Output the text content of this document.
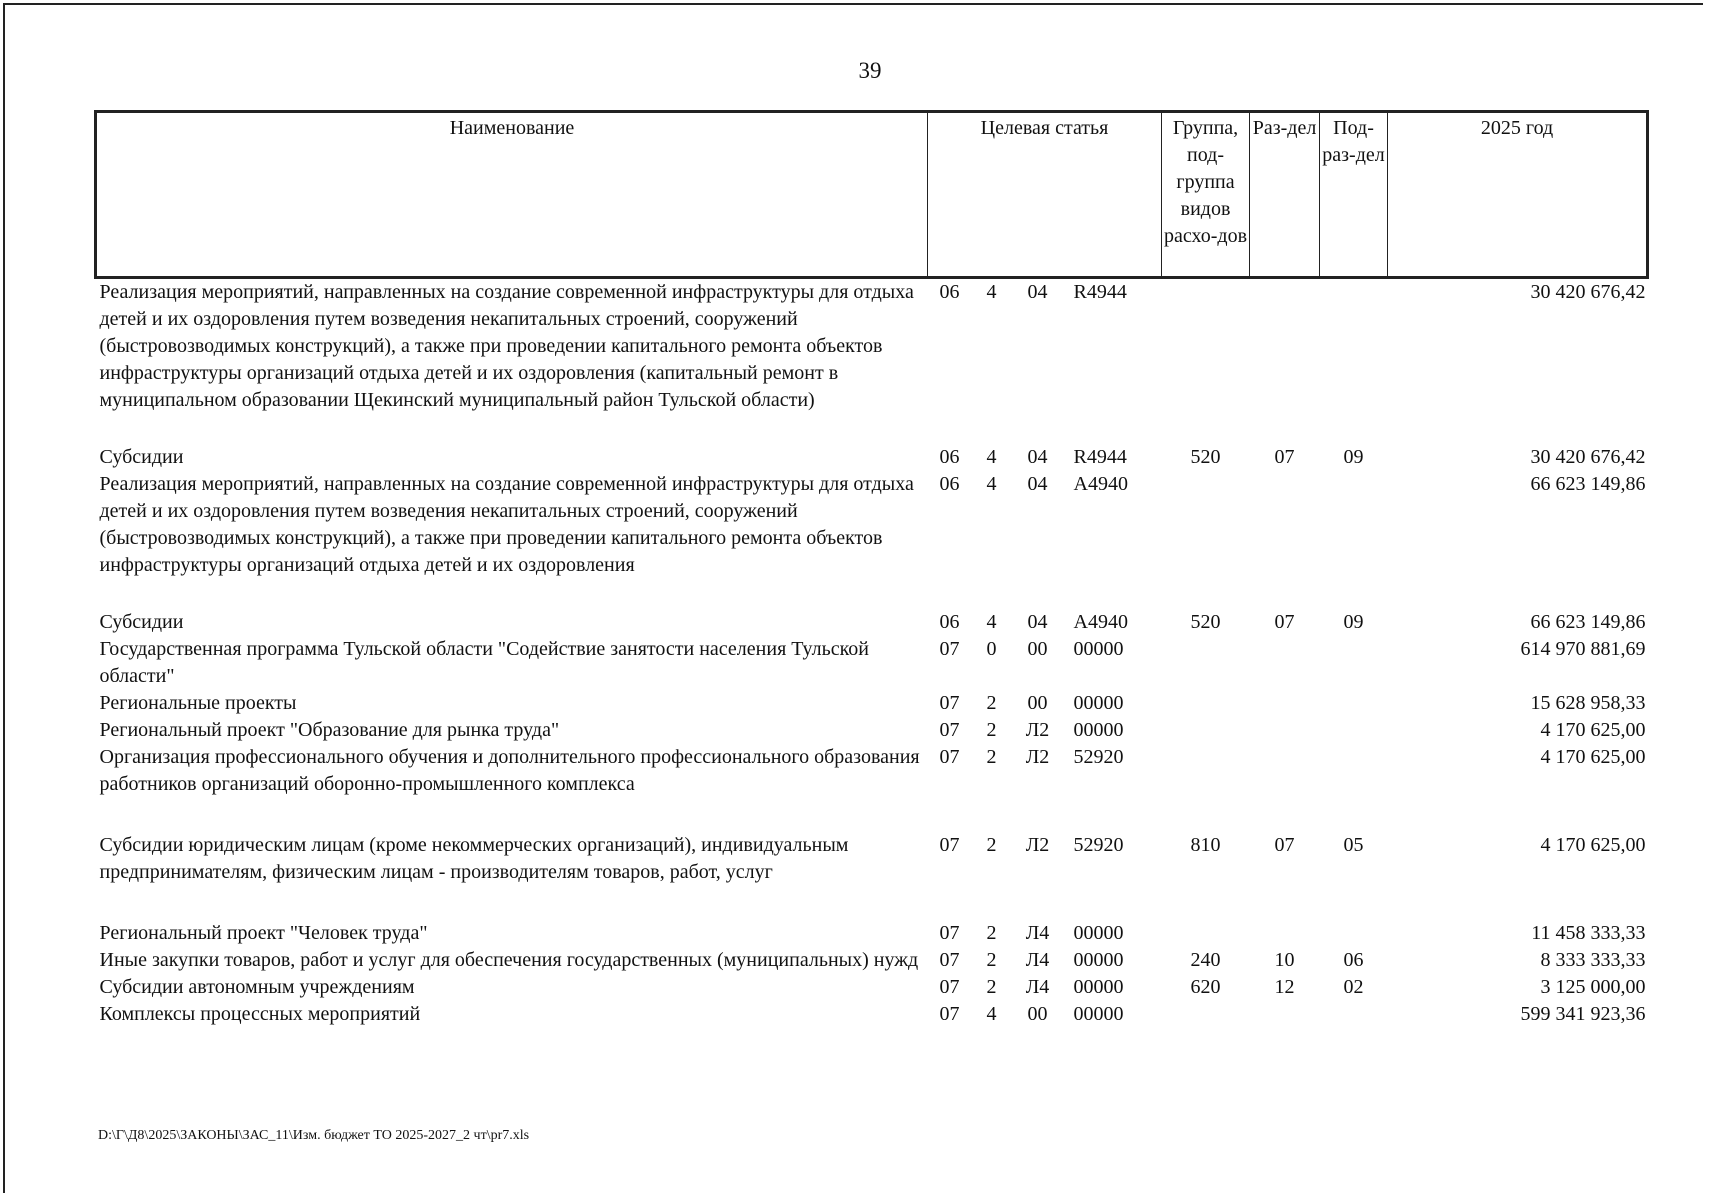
39
Наименование	Целевая статья				Группа, под-группа видов расхо-дов	Раз-дел	Под-раз-дел	2025 год
Реализация мероприятий, направленных на создание современной инфраструктуры для отдыха детей и их оздоровления путем возведения некапитальных строений, сооружений (быстровозводимых конструкций), а также при проведении капитального ремонта объектов инфраструктуры организаций отдыха детей и их оздоровления (капитальный ремонт в муниципальном образовании Щекинский муниципальный район Тульской области)	06	4	04	R4944				30 420 676,42
Субсидии	06	4	04	R4944	520	07	09	30 420 676,42
Реализация мероприятий, направленных на создание современной инфраструктуры для отдыха детей и их оздоровления путем возведения некапитальных строений, сооружений (быстровозводимых конструкций), а также при проведении капитального ремонта объектов инфраструктуры организаций отдыха детей и их оздоровления	06	4	04	A4940				66 623 149,86
Субсидии	06	4	04	A4940	520	07	09	66 623 149,86
Государственная программа Тульской области "Содействие занятости населения Тульской области"	07	0	00	00000				614 970 881,69
Региональные проекты	07	2	00	00000				15 628 958,33
Региональный проект "Образование для рынка труда"	07	2	Л2	00000				4 170 625,00
Организация профессионального обучения и дополнительного профессионального образования работников организаций оборонно-промышленного комплекса	07	2	Л2	52920				4 170 625,00
Субсидии юридическим лицам (кроме некоммерческих организаций), индивидуальным предпринимателям, физическим лицам - производителям товаров, работ, услуг	07	2	Л2	52920	810	07	05	4 170 625,00
Региональный проект "Человек труда"	07	2	Л4	00000				11 458 333,33
Иные закупки товаров, работ и услуг для обеспечения государственных (муниципальных) нужд	07	2	Л4	00000	240	10	06	8 333 333,33
Субсидии автономным учреждениям	07	2	Л4	00000	620	12	02	3 125 000,00
Комплексы процессных мероприятий	07	4	00	00000				599 341 923,36
D:\Г\Д8\2025\ЗАКОНЫ\ЗАС_11\Изм. бюджет ТО 2025-2027_2 чт\pr7.xls
